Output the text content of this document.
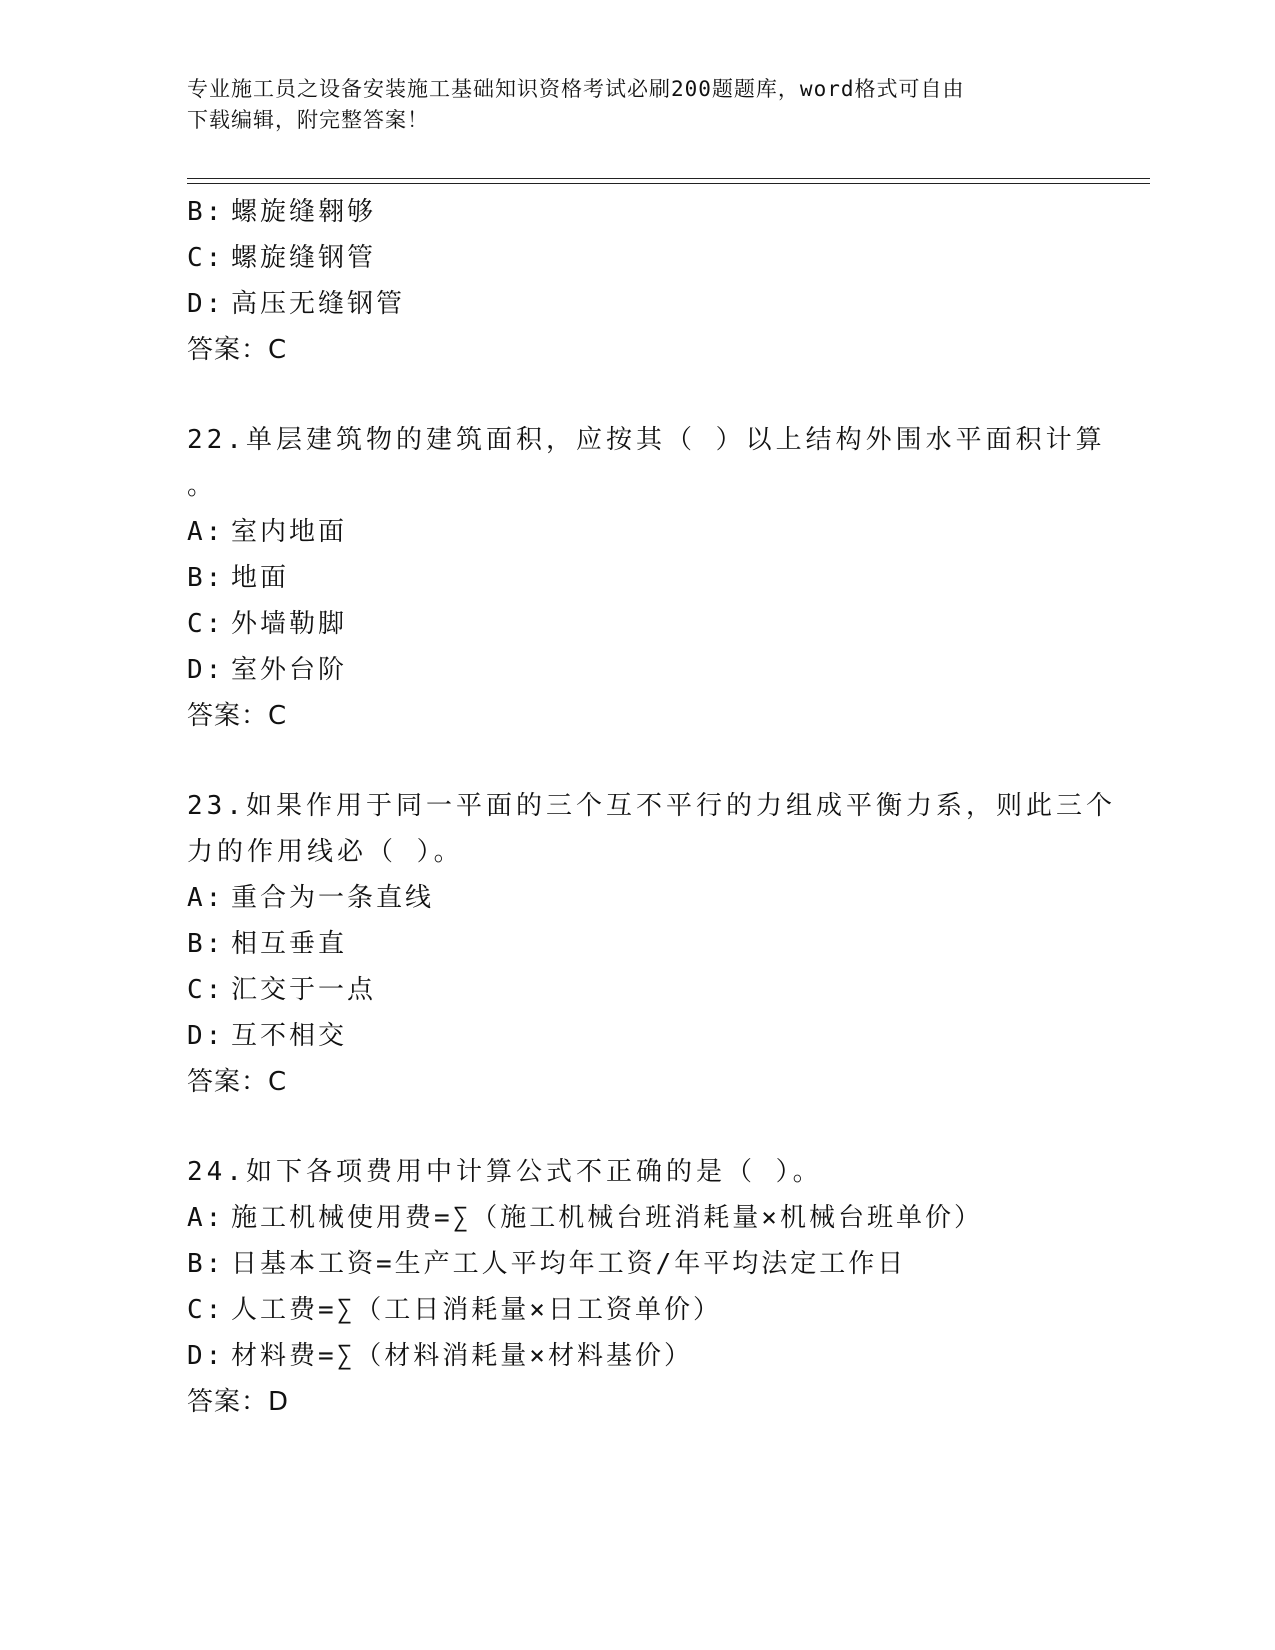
专业施工员之设备安装施工基础知识资格考试必刷200题题库，word格式可自由
下载编辑，附完整答案！
B: 螺旋缝翱够
C: 螺旋缝钢管
D: 高压无缝钢管
答案：C
22.单层建筑物的建筑面积，应按其（ ）以上结构外围水平面积计算
。
A: 室内地面
B: 地面
C: 外墙勒脚
D: 室外台阶
答案：C
23.如果作用于同一平面的三个互不平行的力组成平衡力系，则此三个
力的作用线必（ ）。
A: 重合为一条直线
B: 相互垂直
C: 汇交于一点
D: 互不相交
答案：C
24.如下各项费用中计算公式不正确的是（ ）。
A: 施工机械使用费=∑（施工机械台班消耗量×机械台班单价）
B: 日基本工资=生产工人平均年工资/年平均法定工作日
C: 人工费=∑（工日消耗量×日工资单价）
D: 材料费=∑（材料消耗量×材料基价）
答案：D
